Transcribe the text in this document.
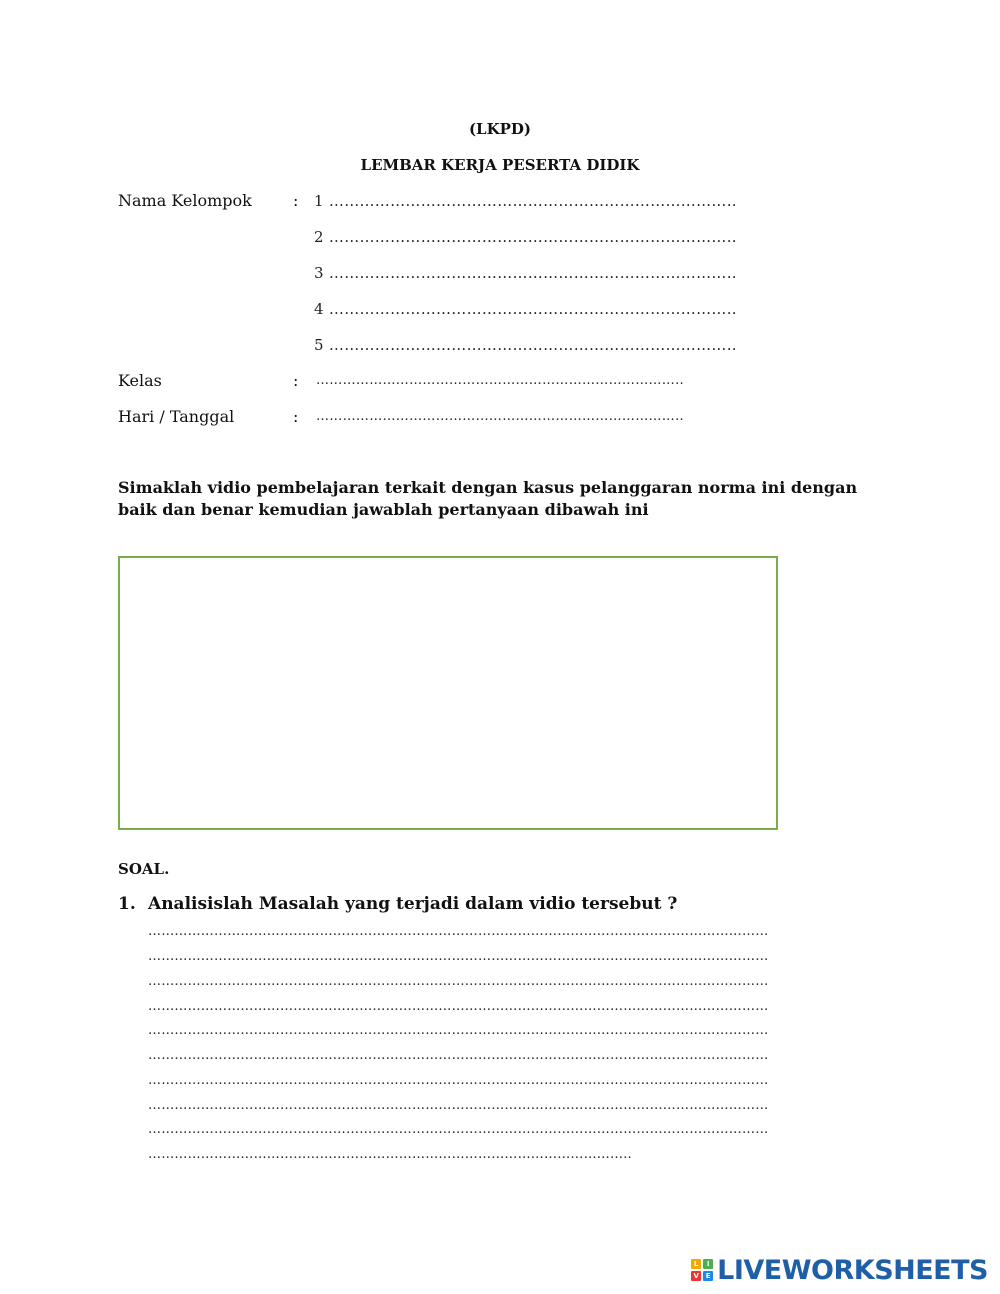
(LKPD)
LEMBAR KERJA PESERTA DIDIK
Nama Kelompok	: 1 ……………………………………………………………………..
2 ……………………………………………………………………..
3 ……………………………………………………………………..
4 ……………………………………………………………………..
5 ……………………………………………………………………..
Kelas	: ………………………………………………………………………..
Hari / Tanggal	: ………………………………………………………………………..
Simaklah vidio pembelajaran terkait dengan kasus pelanggaran norma ini dengan baik dan benar kemudian jawablah pertanyaan dibawah ini
SOAL.
1. Analisislah Masalah yang terjadi dalam vidio tersebut ?
……………………………………………………………………………………………………………………………
……………………………………………………………………………………………………………………………
……………………………………………………………………………………………………………………………
……………………………………………………………………………………………………………………………
……………………………………………………………………………………………………………………………
……………………………………………………………………………………………………………………………
……………………………………………………………………………………………………………………………
……………………………………………………………………………………………………………………………
……………………………………………………………………………………………………………………………
………………………………………………………………………………………………..
L	I
V E LIVEWORKSHEETS
